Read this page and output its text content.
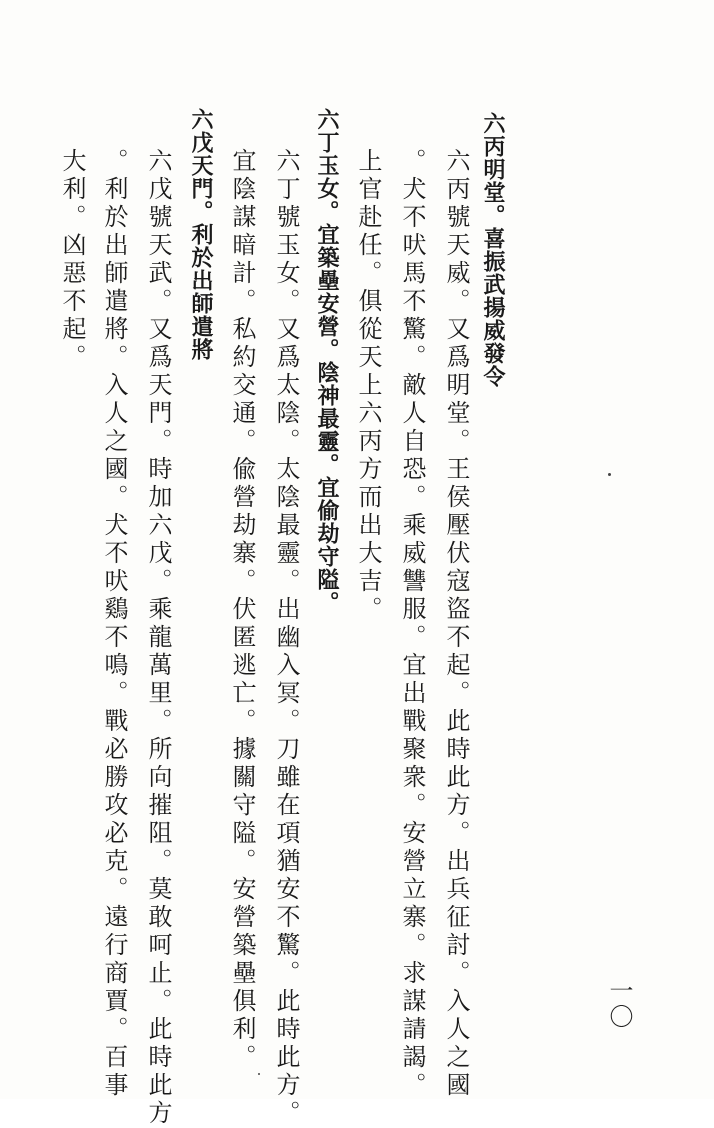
六丙明堂。喜振武揚威發令
六丙號天威。又爲明堂。王侯壓伏寇盜不起。此時此方。出兵征討。入人之國
。犬不吠馬不驚。敵人自恐。乘威讐服。宜出戰聚衆。安營立寨。求謀請謁。
上官赴任。俱從天上六丙方而出大吉。
六丁玉女。宜築壘安營。陰神最靈。宜偷劫守隘。
六丁號玉女。又爲太陰。太陰最靈。出幽入冥。刀雖在項猶安不驚。此時此方。
宜陰謀暗計。私約交通。偸營劫寨。伏匿逃亡。據關守隘。安營築壘俱利。
六戊天門。利於出師遣將
六戊號天武。又爲天門。時加六戊。乘龍萬里。所向摧阻。莫敢呵止。此時此方
。利於出師遣將。入人之國。犬不吠鷄不鳴。戰必勝攻必克。遠行商賈。百事
大利。凶惡不起。
一〇
